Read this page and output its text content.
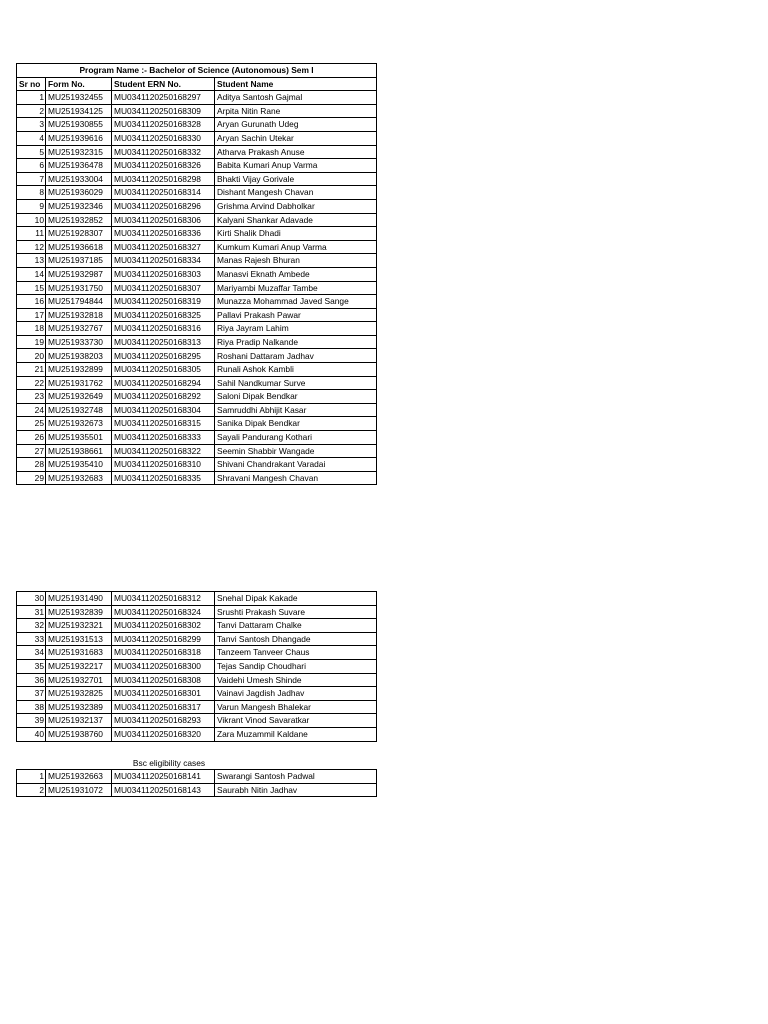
Program Name :- Bachelor of Science (Autonomous) Sem I			
Sr no	Form No.	Student ERN No.	Student Name
1	MU251932455	MU0341120250168297	Aditya Santosh Gajmal
2	MU251934125	MU0341120250168309	Arpita Nitin Rane
3	MU251930855	MU0341120250168328	Aryan Gurunath Udeg
4	MU251939616	MU0341120250168330	Aryan Sachin Utekar
5	MU251932315	MU0341120250168332	Atharva Prakash Anuse
6	MU251936478	MU0341120250168326	Babita Kumari Anup Varma
7	MU251933004	MU0341120250168298	Bhakti Vijay Gorivale
8	MU251936029	MU0341120250168314	Dishant Mangesh Chavan
9	MU251932346	MU0341120250168296	Grishma Arvind Dabholkar
10	MU251932852	MU0341120250168306	Kalyani Shankar Adavade
11	MU251928307	MU0341120250168336	Kirti Shalik Dhadi
12	MU251936618	MU0341120250168327	Kumkum Kumari Anup Varma
13	MU251937185	MU0341120250168334	Manas Rajesh Bhuran
14	MU251932987	MU0341120250168303	Manasvi Eknath Ambede
15	MU251931750	MU0341120250168307	Mariyambi Muzaffar Tambe
16	MU251794844	MU0341120250168319	Munazza Mohammad Javed Sange
17	MU251932818	MU0341120250168325	Pallavi Prakash Pawar
18	MU251932767	MU0341120250168316	Riya Jayram Lahim
19	MU251933730	MU0341120250168313	Riya Pradip Nalkande
20	MU251938203	MU0341120250168295	Roshani Dattaram Jadhav
21	MU251932899	MU0341120250168305	Runali Ashok Kambli
22	MU251931762	MU0341120250168294	Sahil Nandkumar Surve
23	MU251932649	MU0341120250168292	Saloni Dipak Bendkar
24	MU251932748	MU0341120250168304	Samruddhi Abhijit Kasar
25	MU251932673	MU0341120250168315	Sanika Dipak Bendkar
26	MU251935501	MU0341120250168333	Sayali Pandurang Kothari
27	MU251938661	MU0341120250168322	Seemin Shabbir Wangade
28	MU251935410	MU0341120250168310	Shivani Chandrakant Varadai
29	MU251932683	MU0341120250168335	Shravani Mangesh Chavan
30	MU251931490	MU0341120250168312	Snehal Dipak Kakade
31	MU251932839	MU0341120250168324	Srushti Prakash Suvare
32	MU251932321	MU0341120250168302	Tanvi Dattaram Chalke
33	MU251931513	MU0341120250168299	Tanvi Santosh Dhangade
34	MU251931683	MU0341120250168318	Tanzeem Tanveer Chaus
35	MU251932217	MU0341120250168300	Tejas Sandip Choudhari
36	MU251932701	MU0341120250168308	Vaidehi Umesh Shinde
37	MU251932825	MU0341120250168301	Vainavi Jagdish Jadhav
38	MU251932389	MU0341120250168317	Varun Mangesh Bhalekar
39	MU251932137	MU0341120250168293	Vikrant Vinod Savaratkar
40	MU251938760	MU0341120250168320	Zara Muzammil Kaldane
Bsc eligibility cases
1	MU251932663	MU0341120250168141	Swarangi Santosh Padwal
2	MU251931072	MU0341120250168143	Saurabh Nitin Jadhav
